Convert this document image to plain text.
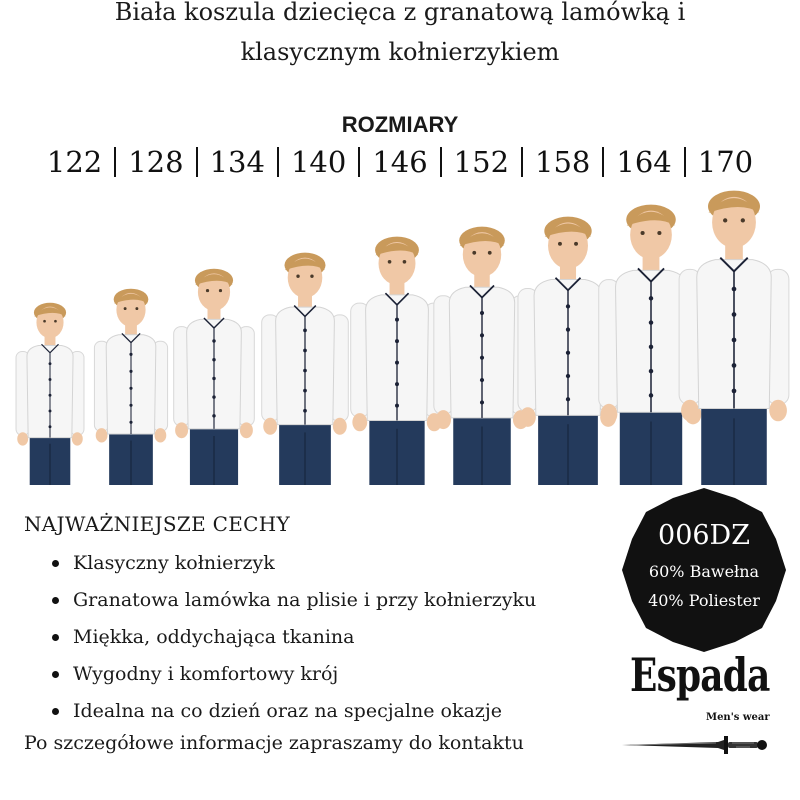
Biała koszula dziecięca z granatową lamówką i
klasycznym kołnierzykiem
ROZMIARY
122 128 134 140 146 152 158 164 170
NAJWAŻNIEJSZE CECHY
Klasyczny kołnierzyk
Granatowa lamówka na plisie i przy kołnierzyku
Miękka, oddychająca tkanina
Wygodny i komfortowy krój
Idealna na co dzień oraz na specjalne okazje
Po szczegółowe informacje zapraszamy do kontaktu
006DZ
60% Bawełna
40% Poliester
Espada
Men's wear
